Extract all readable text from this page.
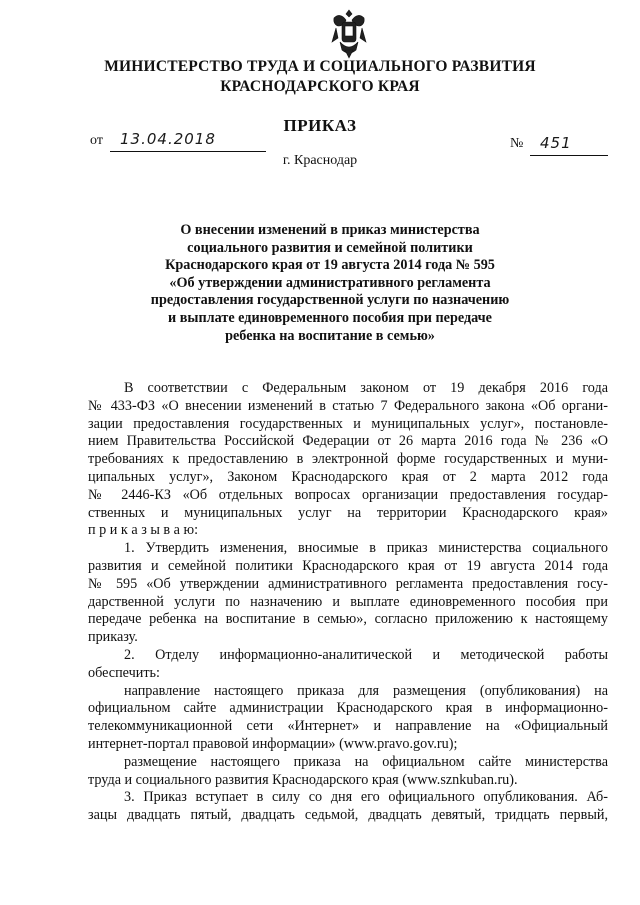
МИНИСТЕРСТВО ТРУДА И СОЦИАЛЬНОГО РАЗВИТИЯ
КРАСНОДАРСКОГО КРАЯ
ПРИКАЗ
от 13.04.2018	№ 451
г. Краснодар
О внесении изменений в приказ министерства
социального развития и семейной политики
Краснодарского края от 19 августа 2014 года № 595
«Об утверждении административного регламента
предоставления государственной услуги по назначению
и выплате единовременного пособия при передаче
ребенка на воспитание в семью»
В соответствии с Федеральным законом от 19 декабря 2016 года
№ 433-ФЗ «О внесении изменений в статью 7 Федерального закона «Об органи-
зации предоставления государственных и муниципальных услуг», постановле-
нием Правительства Российской Федерации от 26 марта 2016 года № 236 «О
требованиях к предоставлению в электронной форме государственных и муни-
ципальных услуг», Законом Краснодарского края от 2 марта 2012 года
№ 2446-КЗ «Об отдельных вопросах организации предоставления государ-
ственных и муниципальных услуг на территории Краснодарского края»
п р и к а з ы в а ю:
1. Утвердить изменения, вносимые в приказ министерства социального
развития и семейной политики Краснодарского края от 19 августа 2014 года
№ 595 «Об утверждении административного регламента предоставления госу-
дарственной услуги по назначению и выплате единовременного пособия при
передаче ребенка на воспитание в семью», согласно приложению к настоящему
приказу.
2. Отделу информационно-аналитической и методической работы
обеспечить:
направление настоящего приказа для размещения (опубликования) на
официальном сайте администрации Краснодарского края в информационно-
телекоммуникационной сети «Интернет» и направление на «Официальный
интернет-портал правовой информации» (www.pravo.gov.ru);
размещение настоящего приказа на официальном сайте министерства
труда и социального развития Краснодарского края (www.sznkuban.ru).
3. Приказ вступает в силу со дня его официального опубликования. Аб-
зацы двадцать пятый, двадцать седьмой, двадцать девятый, тридцать первый,
